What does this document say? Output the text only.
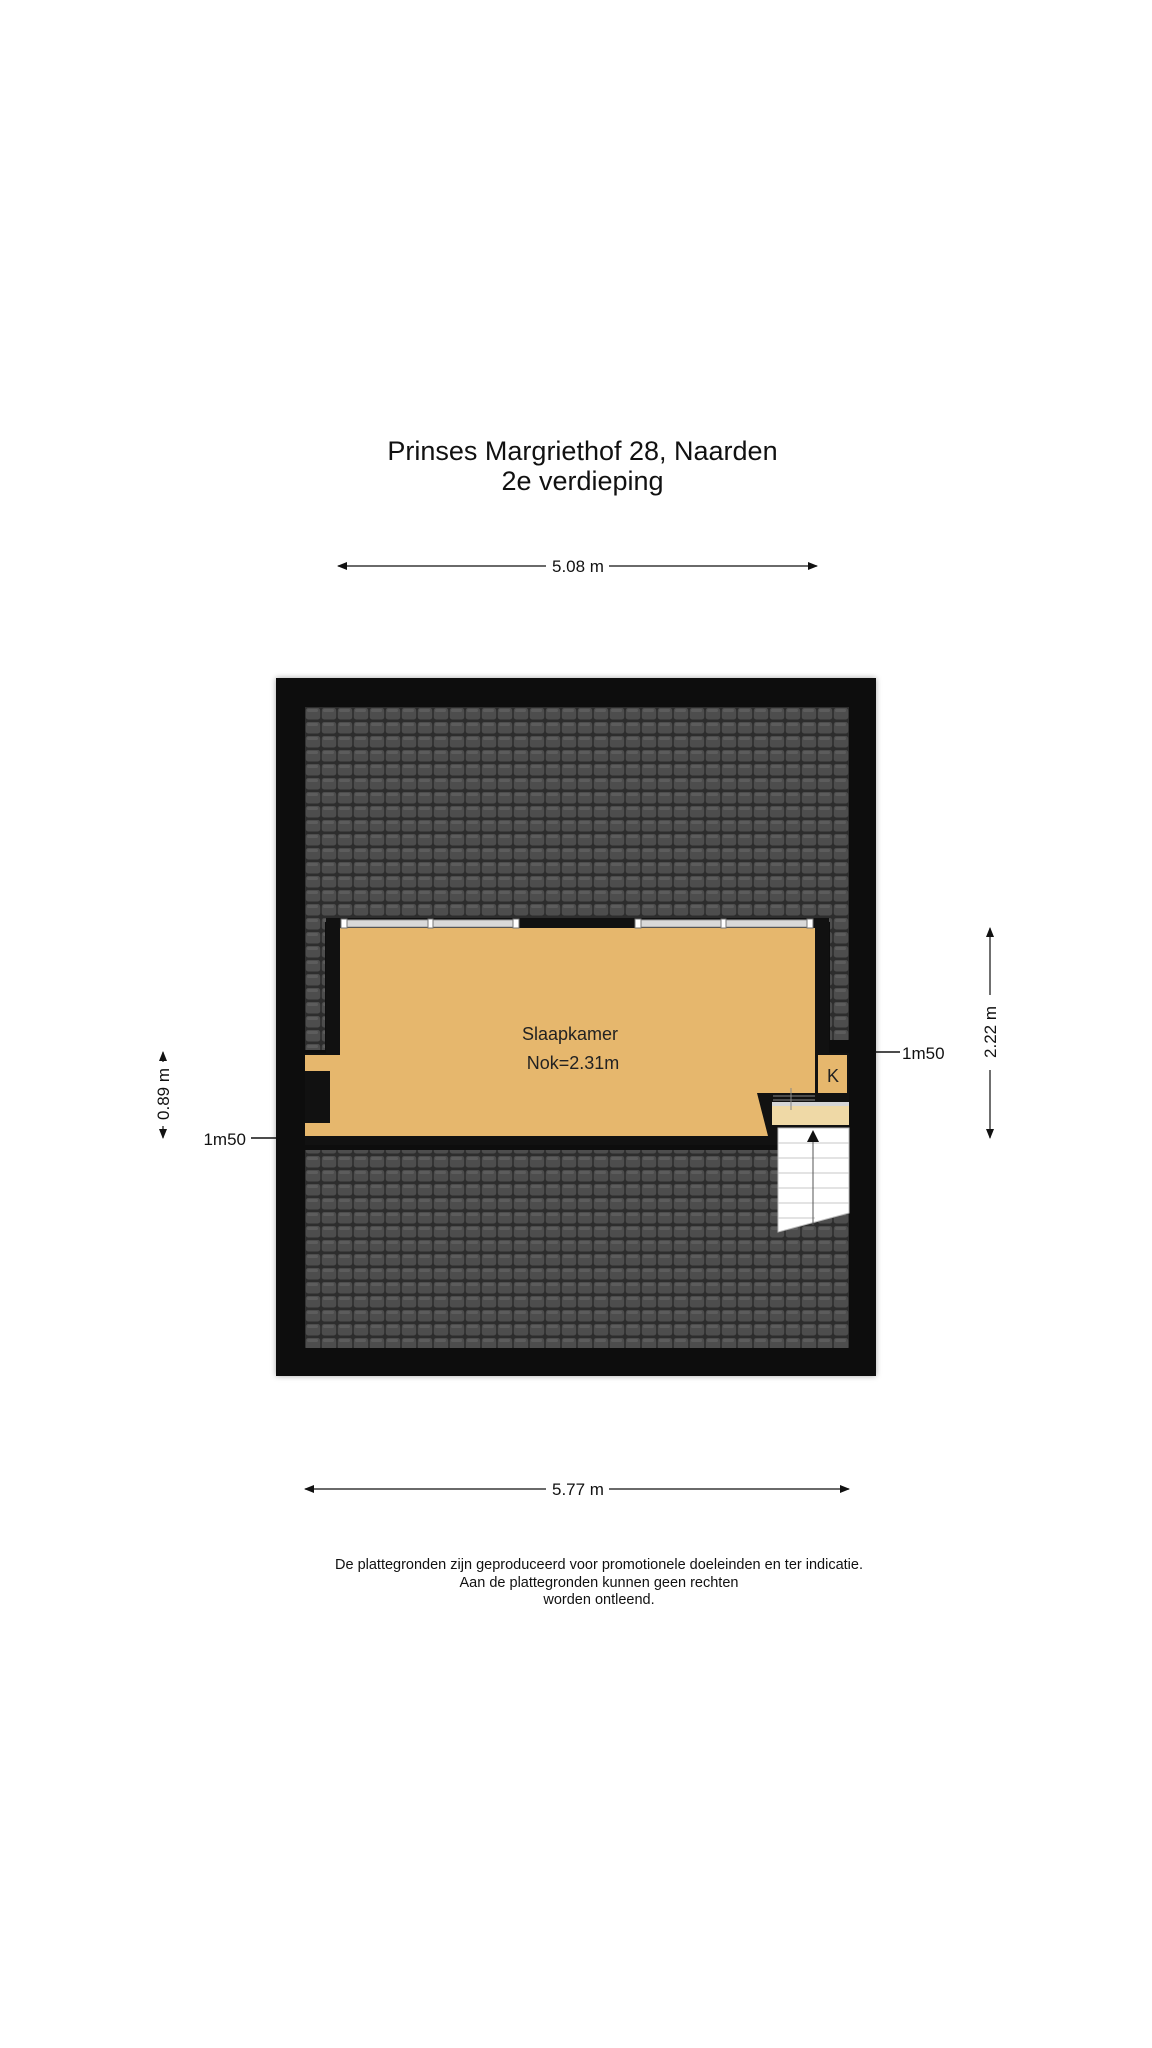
Prinses Margriethof 28, Naarden
2e verdieping
Slaapkamer
Nok=2.31m
K
5.08 m
5.77 m
2.22 m
0.89 m
1m50
1m50
De plattegronden zijn geproduceerd voor promotionele doeleinden en ter indicatie.
Aan de plattegronden kunnen geen rechten
worden ontleend.
